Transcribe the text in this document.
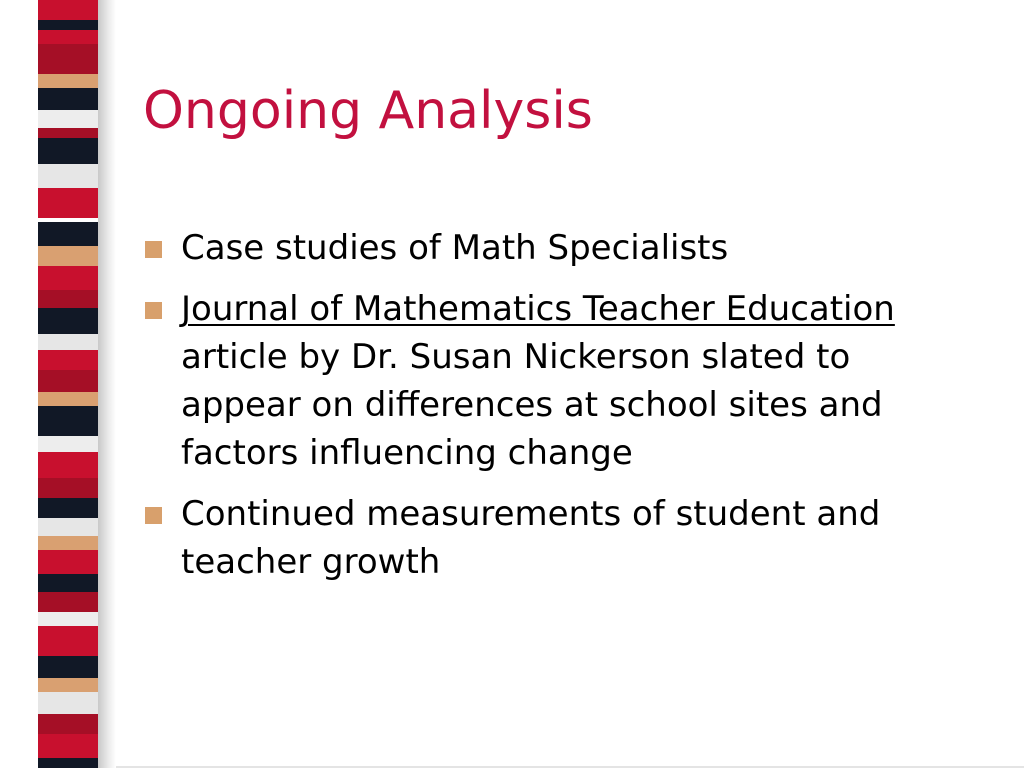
Ongoing Analysis
Case studies of Math Specialists
Journal of Mathematics Teacher Education article by Dr. Susan Nickerson slated to appear on differences at school sites and factors influencing change
Continued measurements of student and teacher growth
